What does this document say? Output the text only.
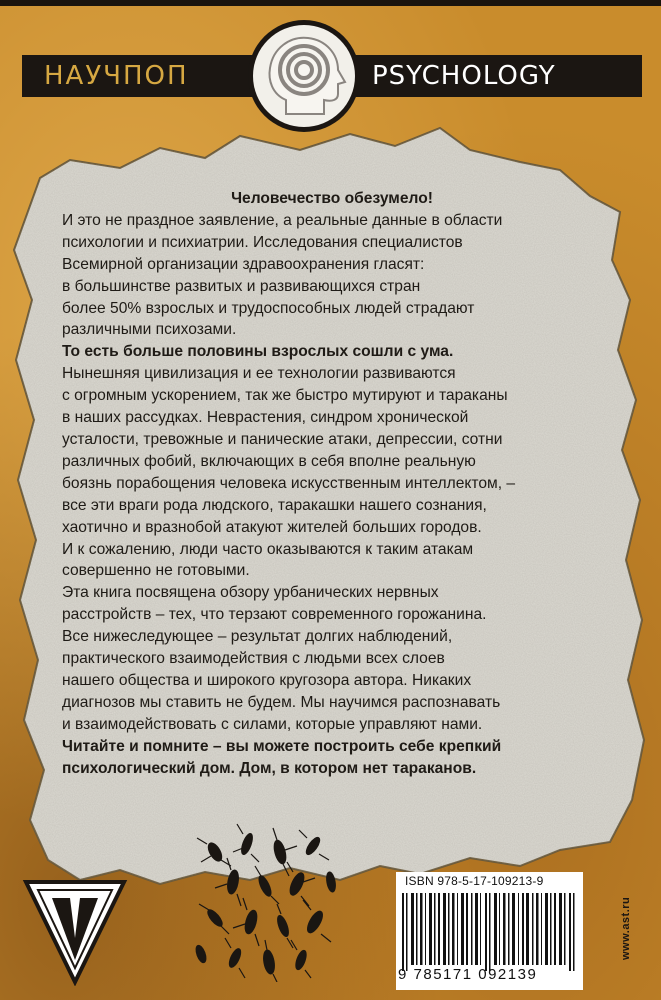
НАУЧПОП	PSYCHOLOGY

Человечество обезумело!

И это не праздное заявление, а реальные данные в области

психологии и психиатрии. Исследования специалистов

Всемирной организации здравоохранения гласят:

в большинстве развитых и развивающихся стран

более 50% взрослых и трудоспособных людей страдают

различными психозами.

То есть больше половины взрослых сошли с ума.

Нынешняя цивилизация и ее технологии развиваются

с огромным ускорением, так же быстро мутируют и тараканы

в наших рассудках. Неврастения, синдром хронической

усталости, тревожные и панические атаки, депрессии, сотни

различных фобий, включающих в себя вполне реальную

боязнь порабощения человека искусственным интеллектом, –

все эти враги рода людского, таракашки нашего сознания,

хаотично и вразнобой атакуют жителей больших городов.

И к сожалению, люди часто оказываются к таким атакам

совершенно не готовыми.

Эта книга посвящена обзору урбанических нервных

расстройств – тех, что терзают современного горожанина.

Все нижеследующее – результат долгих наблюдений,

практического взаимодействия с людьми всех слоев

нашего общества и широкого кругозора автора. Никаких

диагнозов мы ставить не будем. Мы научимся распознавать

и взаимодействовать с силами, которые управляют нами.

Читайте и помните – вы можете построить себе крепкий

психологический дом. Дом, в котором нет тараканов.

ISBN 978-5-17-109213-9
9 785171 092139
www.ast.ru
